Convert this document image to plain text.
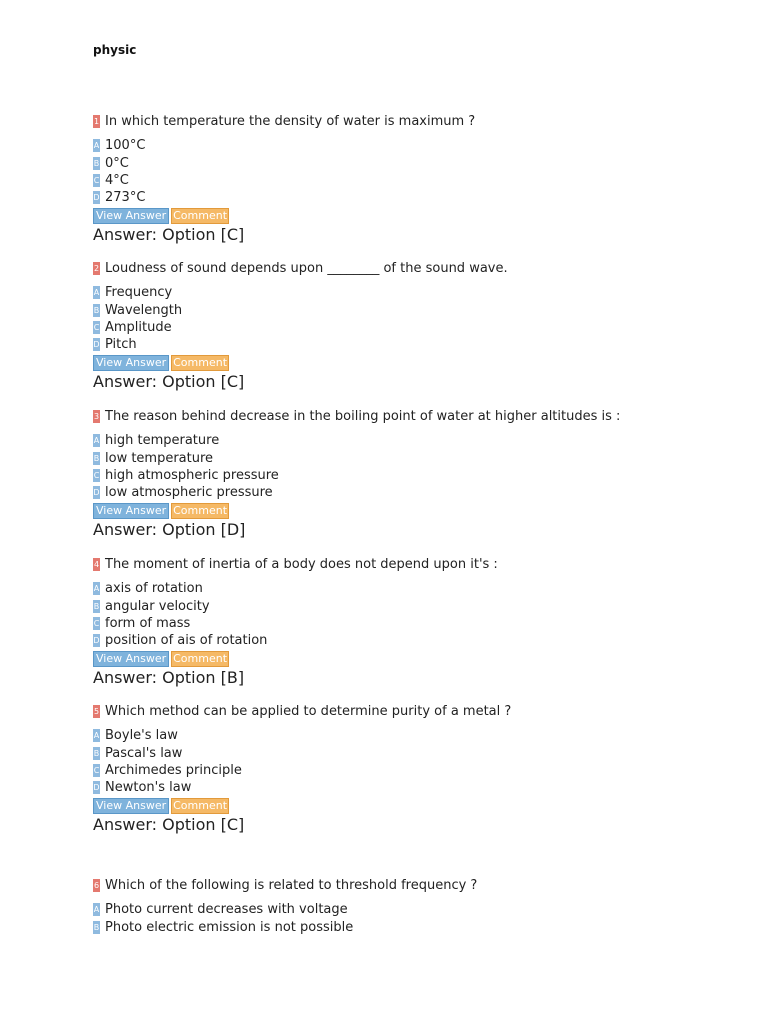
physic
1 In which temperature the density of water is maximum ?
A 100°C
B 0°C
C 4°C
D 273°C
View Answer Comment
Answer: Option [C]
2 Loudness of sound depends upon ________ of the sound wave.
A Frequency
B Wavelength
C Amplitude
D Pitch
View Answer Comment
Answer: Option [C]
3 The reason behind decrease in the boiling point of water at higher altitudes is :
A high temperature
B low temperature
C high atmospheric pressure
D low atmospheric pressure
View Answer Comment
Answer: Option [D]
4 The moment of inertia of a body does not depend upon it's :
A axis of rotation
B angular velocity
C form of mass
D position of ais of rotation
View Answer Comment
Answer: Option [B]
5 Which method can be applied to determine purity of a metal ?
A Boyle's law
B Pascal's law
C Archimedes principle
D Newton's law
View Answer Comment
Answer: Option [C]
6 Which of the following is related to threshold frequency ?
A Photo current decreases with voltage
B Photo electric emission is not possible
